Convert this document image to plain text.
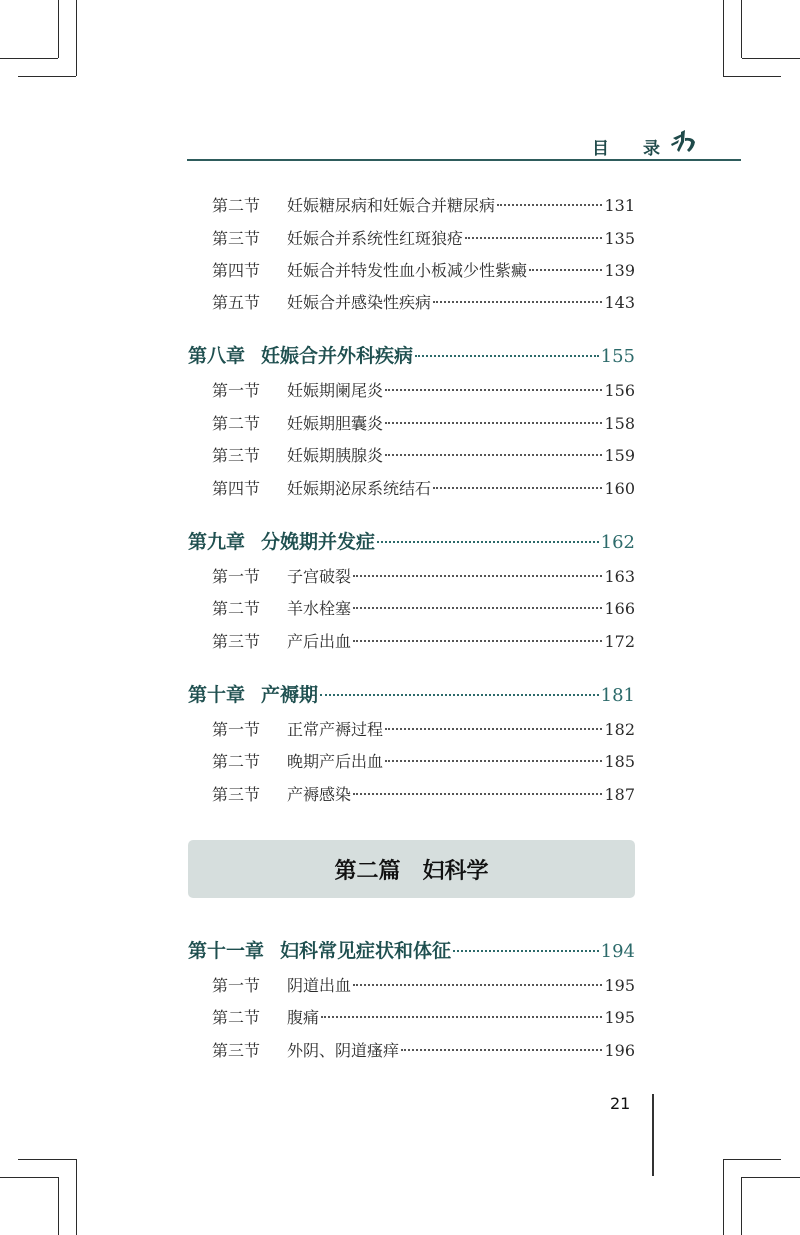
目　　录
第二节	妊娠糖尿病和妊娠合并糖尿病	131
第三节	妊娠合并系统性红斑狼疮	135
第四节	妊娠合并特发性血小板减少性紫癜	139
第五节	妊娠合并感染性疾病	143
第八章 妊娠合并外科疾病	155
第一节	妊娠期阑尾炎	156
第二节	妊娠期胆囊炎	158
第三节	妊娠期胰腺炎	159
第四节	妊娠期泌尿系统结石	160
第九章 分娩期并发症	162
第一节	子宫破裂	163
第二节	羊水栓塞	166
第三节	产后出血	172
第十章 产褥期	181
第一节	正常产褥过程	182
第二节	晚期产后出血	185
第三节	产褥感染	187
第十一章 妇科常见症状和体征	194
第一节	阴道出血	195
第二节	腹痛	195
第三节	外阴、阴道瘙痒	196
第二篇　妇科学
21
